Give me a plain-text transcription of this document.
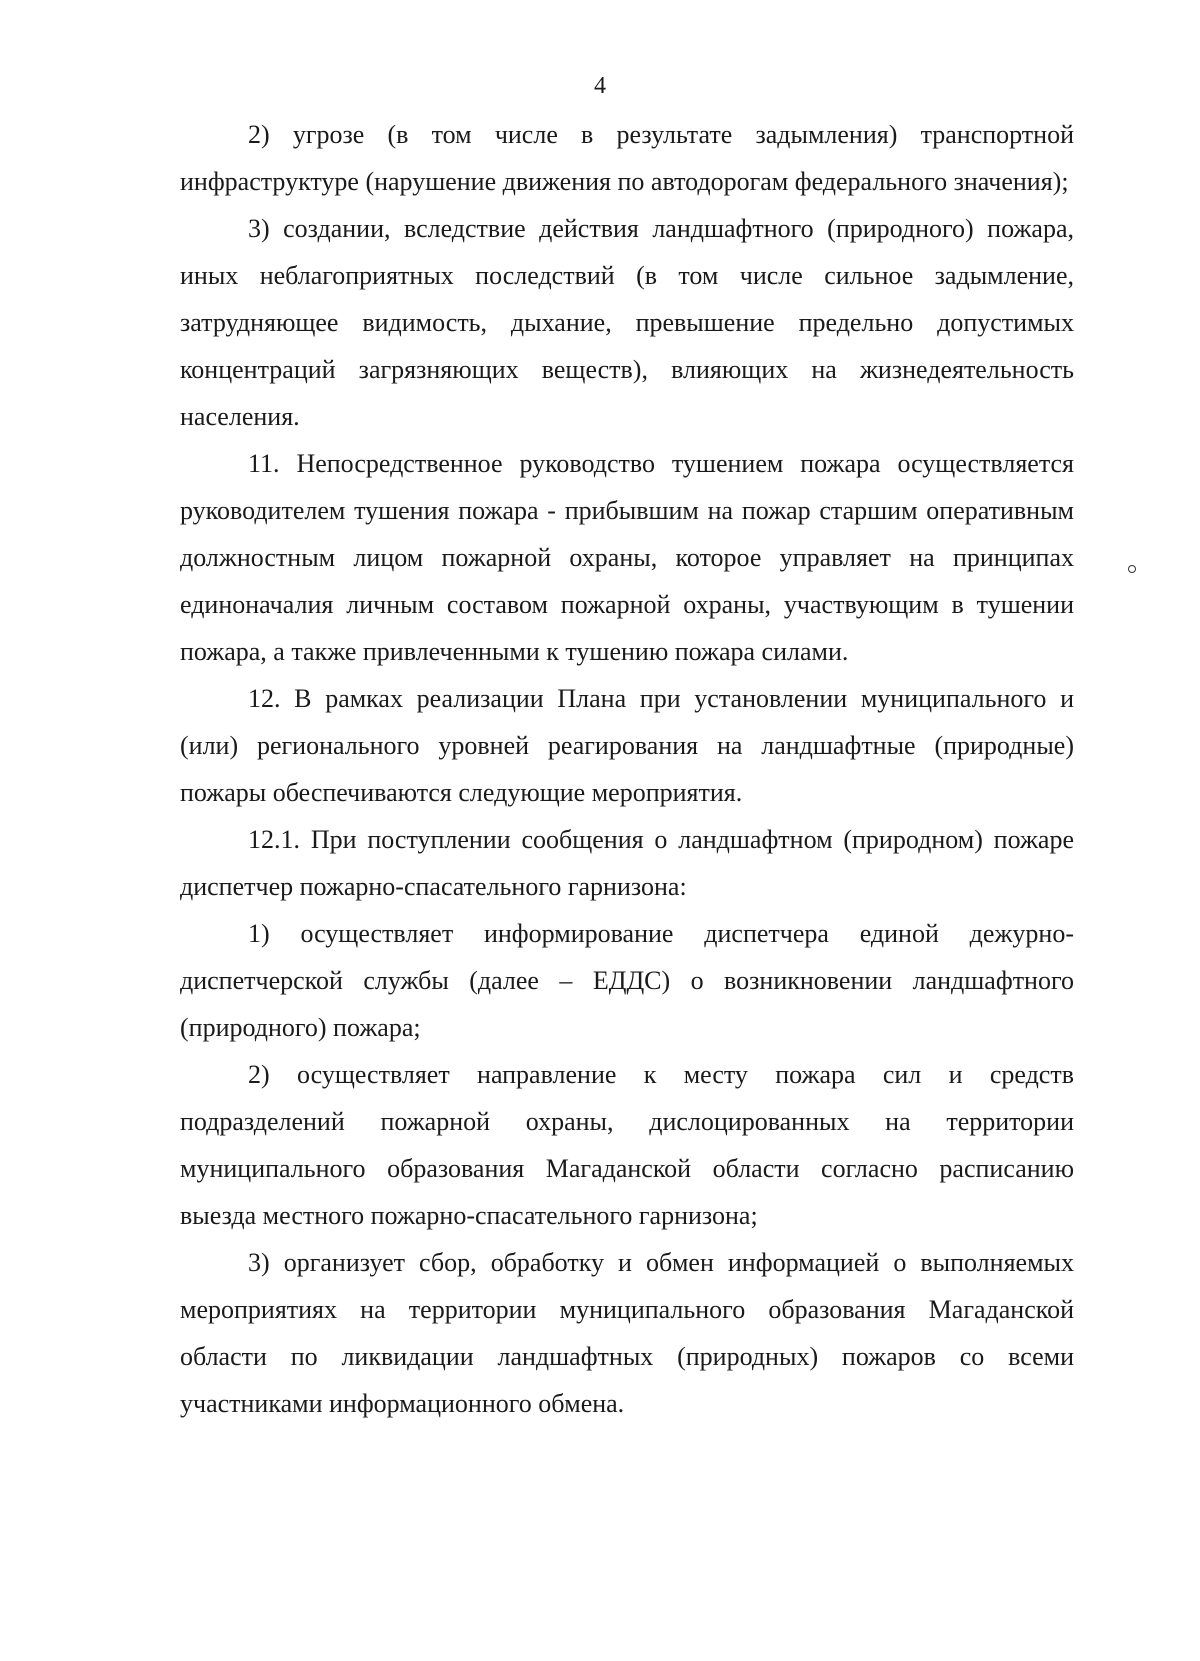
4

2) угрозе (в том числе в результате задымления) транспортной инфраструктуре (нарушение движения по автодорогам федерального значения);

3) создании, вследствие действия ландшафтного (природного) пожара, иных неблагоприятных последствий (в том числе сильное задымление, затрудняющее видимость, дыхание, превышение предельно допустимых концентраций загрязняющих веществ), влияющих на жизнедеятельность населения.

11. Непосредственное руководство тушением пожара осуществляется руководителем тушения пожара - прибывшим на пожар старшим оперативным должностным лицом пожарной охраны, которое управляет на принципах единоначалия личным составом пожарной охраны, участвующим в тушении пожара, а также привлеченными к тушению пожара силами.

12. В рамках реализации Плана при установлении муниципального и (или) регионального уровней реагирования на ландшафтные (природные) пожары обеспечиваются следующие мероприятия.

12.1. При поступлении сообщения о ландшафтном (природном) пожаре диспетчер пожарно-спасательного гарнизона:

1) осуществляет информирование диспетчера единой дежурно-диспетчерской службы (далее – ЕДДС) о возникновении ландшафтного (природного) пожара;

2) осуществляет направление к месту пожара сил и средств подразделений пожарной охраны, дислоцированных на территории муниципального образования Магаданской области согласно расписанию выезда местного пожарно-спасательного гарнизона;

3) организует сбор, обработку и обмен информацией о выполняемых мероприятиях на территории муниципального образования Магаданской области по ликвидации ландшафтных (природных) пожаров со всеми участниками информационного обмена.
